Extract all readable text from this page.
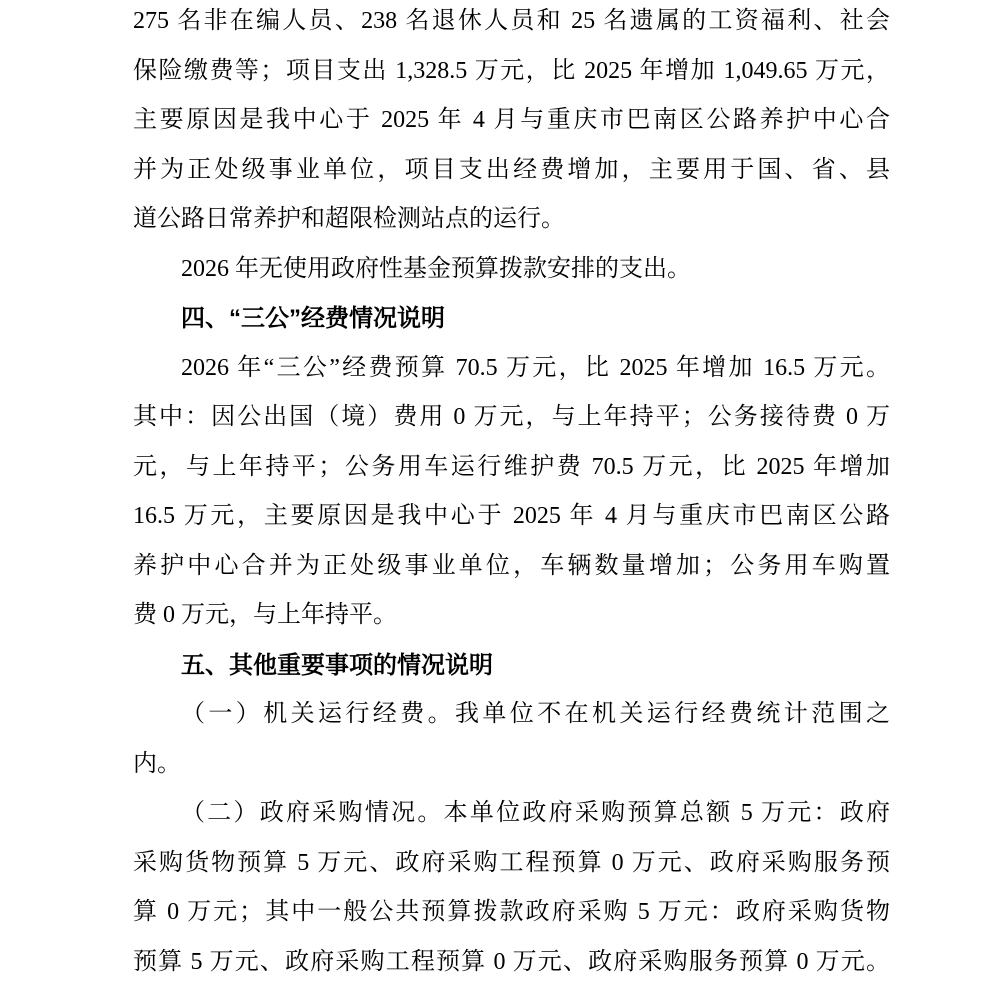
275 名非在编人员、238 名退休人员和 25 名遗属的工资福利、社会
保险缴费等；项目支出 1,328.5 万元，比 2025 年增加 1,049.65 万元，
主要原因是我中心于 2025 年 4 月与重庆市巴南区公路养护中心合
并为正处级事业单位，项目支出经费增加，主要用于国、省、县
道公路日常养护和超限检测站点的运行。
2026 年无使用政府性基金预算拨款安排的支出。
四、“三公”经费情况说明
2026 年“三公”经费预算 70.5 万元，比 2025 年增加 16.5 万元。
其中：因公出国（境）费用 0 万元，与上年持平；公务接待费 0 万
元，与上年持平；公务用车运行维护费 70.5 万元，比 2025 年增加
16.5 万元，主要原因是我中心于 2025 年 4 月与重庆市巴南区公路
养护中心合并为正处级事业单位，车辆数量增加；公务用车购置
费 0 万元，与上年持平。
五、其他重要事项的情况说明
（一）机关运行经费。我单位不在机关运行经费统计范围之
内。
（二）政府采购情况。本单位政府采购预算总额 5 万元：政府
采购货物预算 5 万元、政府采购工程预算 0 万元、政府采购服务预
算 0 万元；其中一般公共预算拨款政府采购 5 万元：政府采购货物
预算 5 万元、政府采购工程预算 0 万元、政府采购服务预算 0 万元。
